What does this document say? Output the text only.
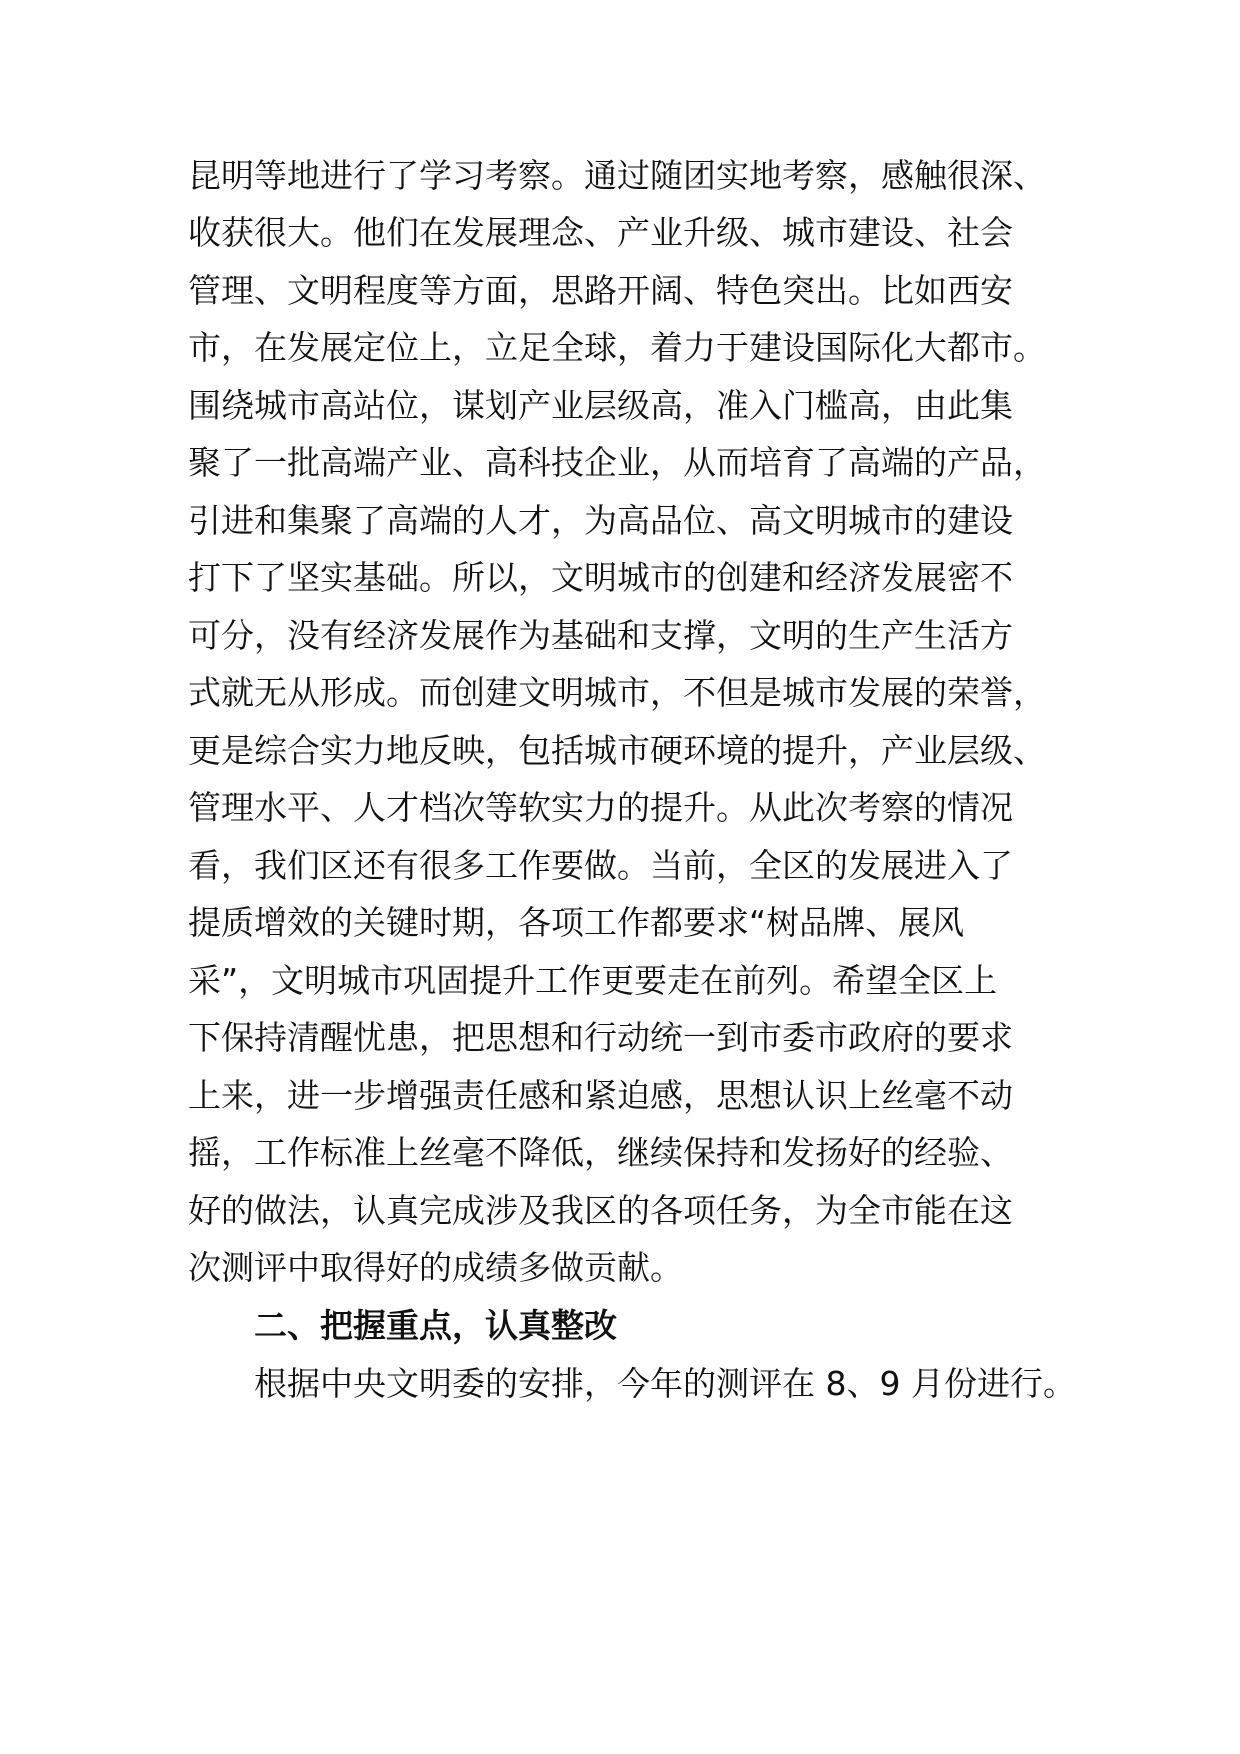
昆明等地进行了学习考察。通过随团实地考察，感触很深、
收获很大。他们在发展理念、产业升级、城市建设、社会
管理、文明程度等方面，思路开阔、特色突出。比如西安
市，在发展定位上，立足全球，着力于建设国际化大都市。
围绕城市高站位，谋划产业层级高，准入门槛高，由此集
聚了一批高端产业、高科技企业，从而培育了高端的产品，
引进和集聚了高端的人才，为高品位、高文明城市的建设
打下了坚实基础。所以，文明城市的创建和经济发展密不
可分，没有经济发展作为基础和支撑，文明的生产生活方
式就无从形成。而创建文明城市，不但是城市发展的荣誉，
更是综合实力地反映，包括城市硬环境的提升，产业层级、
管理水平、人才档次等软实力的提升。从此次考察的情况
看，我们区还有很多工作要做。当前，全区的发展进入了
提质增效的关键时期，各项工作都要求“树品牌、展风
采”，文明城市巩固提升工作更要走在前列。希望全区上
下保持清醒忧患，把思想和行动统一到市委市政府的要求
上来，进一步增强责任感和紧迫感，思想认识上丝毫不动
摇，工作标准上丝毫不降低，继续保持和发扬好的经验、
好的做法，认真完成涉及我区的各项任务，为全市能在这
次测评中取得好的成绩多做贡献。
二、把握重点，认真整改
根据中央文明委的安排，今年的测评在 8、9 月份进行。
